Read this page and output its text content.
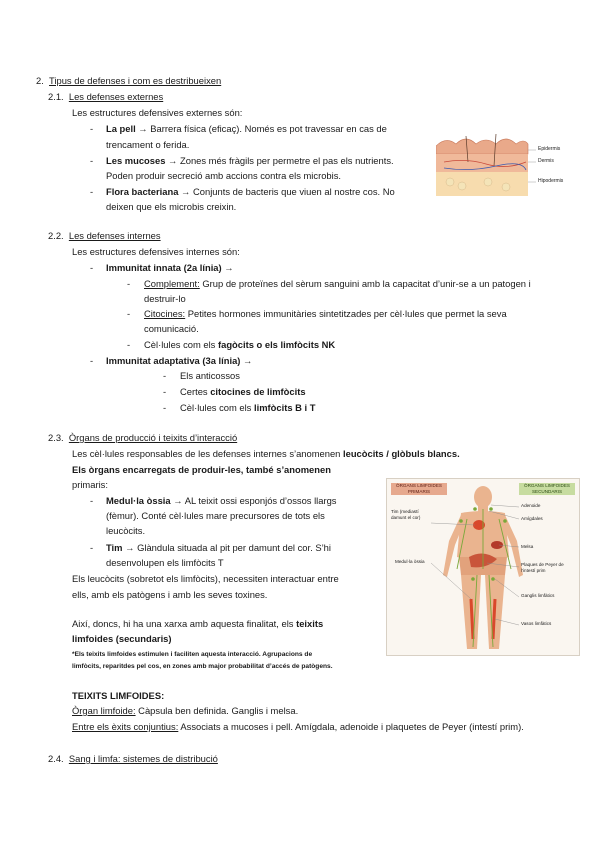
2. Tipus de defenses i com es destribueixen
2.1. Les defenses externes
Les estructures defensives externes són:
- La pell → Barrera física (eficaç). Només es pot travessar en cas de
trencament o ferida.
- Les mucoses → Zones més fràgils per permetre el pas els nutrients.
Poden produir secreció amb accions contra els microbis.
- Flora bacteriana → Conjunts de bacteris que viuen al nostre cos. No
deixen que els microbis creixin.
Epidermis
Dermis
Hipodermis
2.2. Les defenses internes
Les estructures defensives internes són:
- Immunitat innata (2a línia) →
- Complement: Grup de proteïnes del sèrum sanguini amb la capacitat d’unir-se a un patogen i
destruir-lo
- Citocines: Petites hormones immunitàries sintetitzades per cèl·lules que permet la seva
comunicació.
- Cèl·lules com els fagòcits o els limfòcits NK
- Immunitat adaptativa (3a línia) →
- Els anticossos
- Certes citocines de limfòcits
- Cèl·lules com els limfòcits B i T
2.3. Òrgans de producció i teixits d’interacció
Les cèl·lules responsables de les defenses internes s’anomenen leucòcits / glòbuls blancs.
Els òrgans encarregats de produir-les, també s’anomenen
primaris:
- Medul·la òssia → AL teixit ossi esponjós d’ossos llargs
(fèmur). Conté cèl·lules mare precursores de tots els
leucòcits.
- Tim → Glàndula situada al pit per damunt del cor. S’hi
desenvolupen els limfòcits T
Els leucòcits (sobretot els limfòcits), necessiten interactuar entre
ells, amb els patògens i amb les seves toxines.
Així, doncs, hi ha una xarxa amb aquesta finalitat, els teixits
limfoides (secundaris)
*Els teixits limfoides estimulen i faciliten aquesta interacció. Agrupacions de
limfòcits, reparitdes pel cos, en zones amb major probabilitat d’accés de patògens.
TEIXITS LIMFOIDES:
Òrgan limfoide: Càpsula ben definida. Ganglis i melsa.
Entre els èxits conjuntius: Associats a mucoses i pell. Amígdala, adenoide i plaquetes de Peyer (intestí prim).
ÒRGANS LIMFOIDES PRIMARIS
ÒRGANS LIMFOIDES SECUNDARIS
Tim (mediastí damunt el cor)
Medul·la òssia
Adenoide
Amígdales
Melsa
Plaques de Peyer de l’intestí prim
Ganglis limfàtics
Vasos limfàtics
2.4. Sang i limfa: sistemes de distribució
